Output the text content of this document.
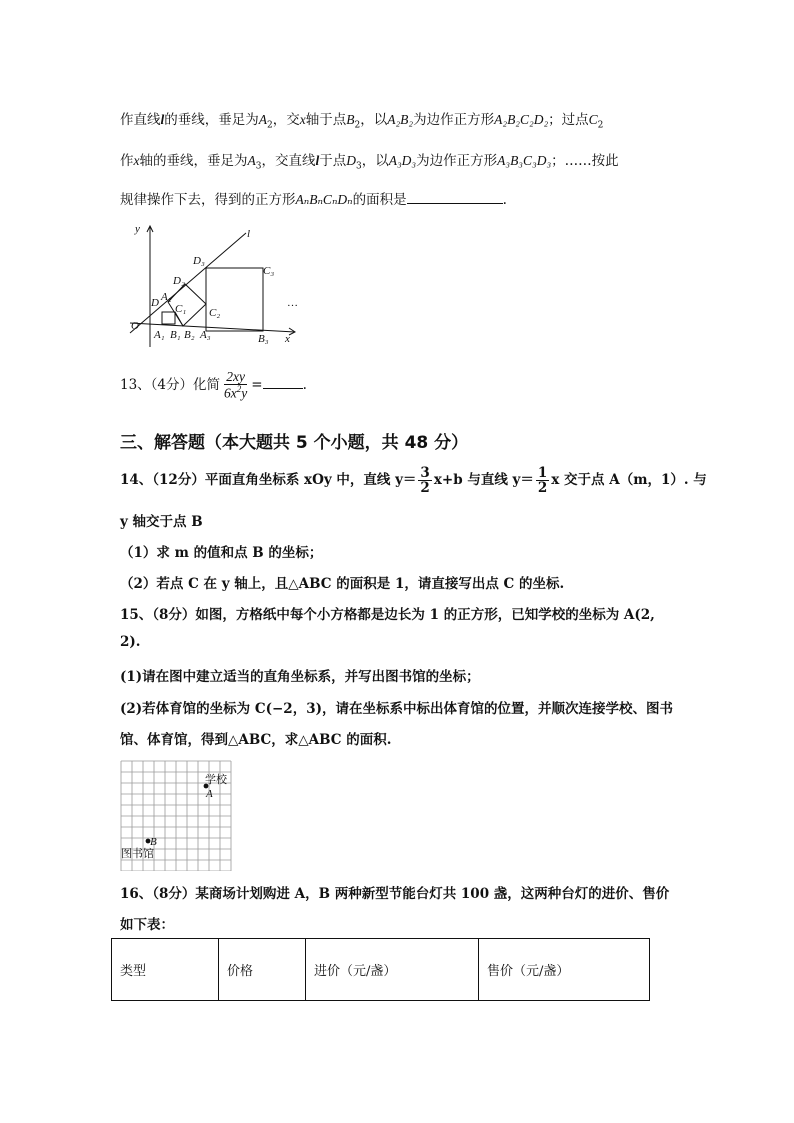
作直线l的垂线，垂足为$A_2$，交x轴于点$B_2$，以A₂B₂为边作正方形A₂B₂C₂D₂；过点$C_2$
作x轴的垂线，垂足为$A_3$，交直线l于点$D_3$，以A₃D₃为边作正方形A₃B₃C₃D₃；……按此
规律操作下去，得到的正方形AₙBₙCₙDₙ的面积是	.
y
x
l
O
A₁ B₁ B₂ A₃	B₃
C₁ C₂
C₃
D A₂
D₂
D₃
…
13、（4分）化简 $\frac{2xy}{6x^2y}$ =	.
三、解答题（本大题共 5 个小题，共 48 分）
14、（12分）平面直角坐标系 xOy 中，直线 $y= \frac{3}{2} x+b$ 与直线 $y= \frac{1}{2}$ x 交于点 A（m，1）. 与
y 轴交于点 B
（1）求 m 的值和点 B 的坐标；
（2）若点 C 在 y 轴上，且△ABC 的面积是 1，请直接写出点 C 的坐标.
15、（8分）如图，方格纸中每个小方格都是边长为 1 的正方形，已知学校的坐标为 A(2,
2).
(1)请在图中建立适当的直角坐标系，并写出图书馆的坐标；
(2)若体育馆的坐标为 C(−2，3)，请在坐标系中标出体育馆的位置，并顺次连接学校、图书
馆、体育馆，得到△ABC，求△ABC 的面积.
学校
A
B
图书馆
16、（8分）某商场计划购进 A，B 两种新型节能台灯共 100 盏，这两种台灯的进价、售价
如下表：
类型	价格	进价（元/盏）	售价（元/盏）
